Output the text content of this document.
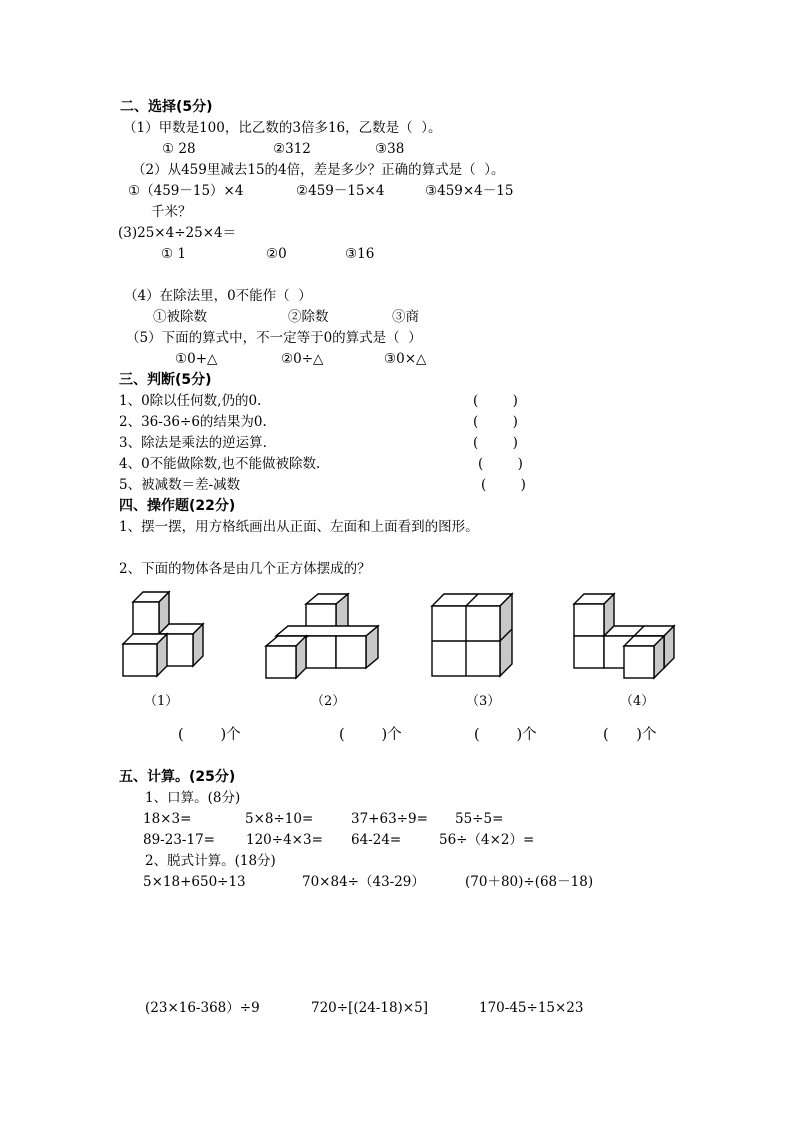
二、选择(5分)
（1）甲数是100，比乙数的3倍多16，乙数是（  ）。
① 28	②312	③38
（2）从459里减去15的4倍，差是多少？正确的算式是（  ）。
①（459－15）×4	②459－15×4	③459×4－15
千米？
(3)25×4÷25×4＝
① 1	②0	③16
（4）在除法里，0不能作（  ）
①被除数	②除数	③商
（5）下面的算式中，不一定等于0的算式是（  ）
①0+△	②0÷△	③0×△
三、判断(5分)
1、0除以任何数,仍的0.	(        )
2、36-36÷6的结果为0.	(        )
3、除法是乘法的逆运算.	(        )
4、0不能做除数,也不能做被除数.	(        )
5、被减数＝差-减数	(        )
四、操作题(22分)
1、摆一摆，用方格纸画出从正面、左面和上面看到的图形。
2、下面的物体各是由几个正方体摆成的？
（1）	（2）	（3）	（4）
(        )个	(        )个	(        )个	(      )个
五、计算。(25分)
1、口算。(8分)
18×3=	5×8÷10=	37+63÷9= 55÷5=
89-23-17= 120÷4×3= 64-24=	56÷（4×2）=
2、脱式计算。(18分)
5×18+650÷13	70×84÷（43-29）	(70＋80)÷(68－18)
(23×16-368）÷9	720÷[(24-18)×5]	170-45÷15×23
